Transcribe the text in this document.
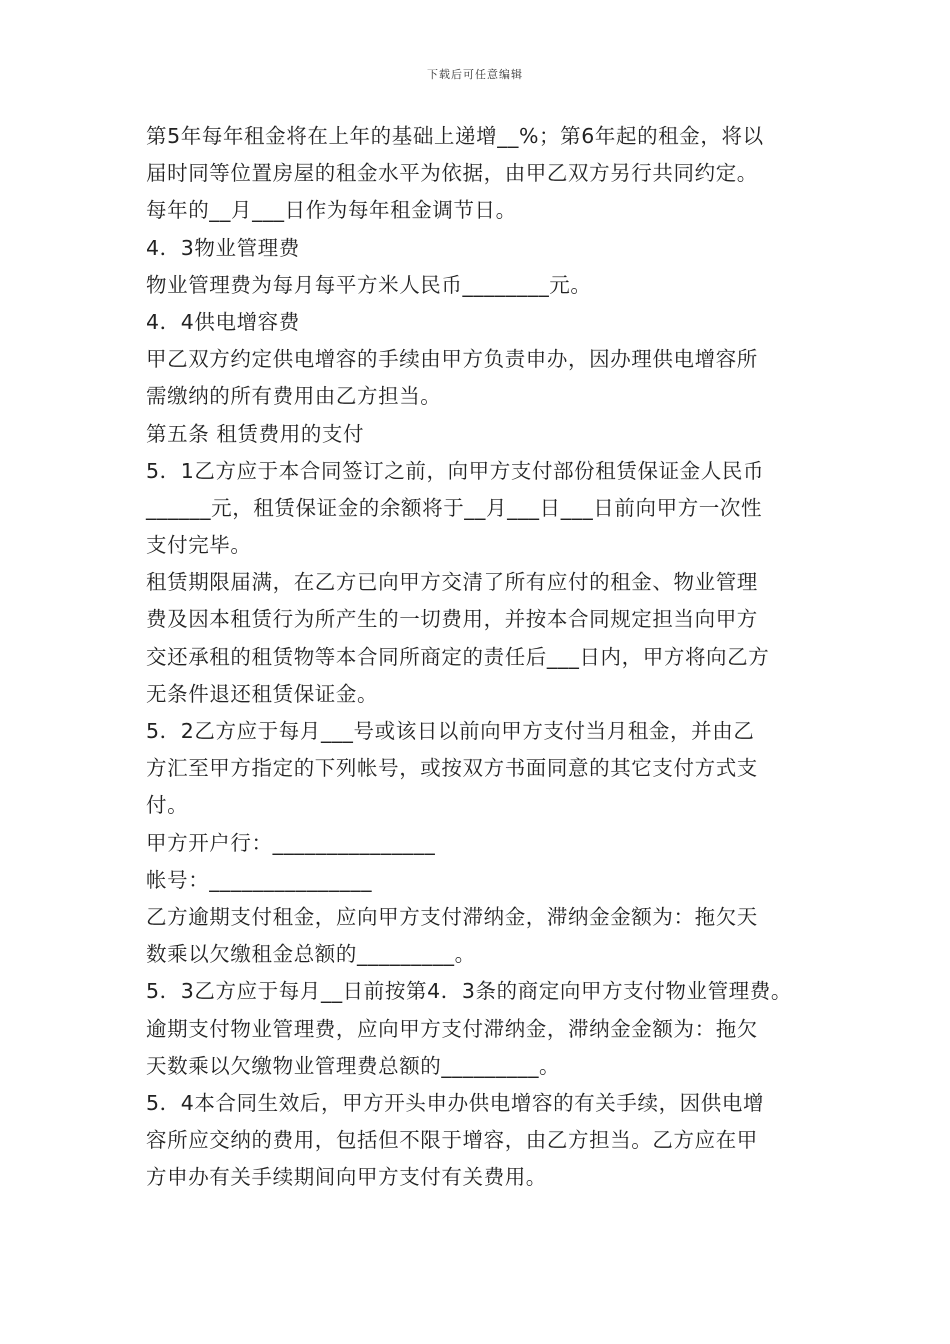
下载后可任意编辑
第5年每年租金将在上年的基础上递增__%；第6年起的租金，将以
届时同等位置房屋的租金水平为依据，由甲乙双方另行共同约定。
每年的__月___日作为每年租金调节日。
4．3物业管理费
物业管理费为每月每平方米人民币________元。
4．4供电增容费
甲乙双方约定供电增容的手续由甲方负责申办，因办理供电增容所
需缴纳的所有费用由乙方担当。
第五条 租赁费用的支付
5．1乙方应于本合同签订之前，向甲方支付部份租赁保证金人民币
______元，租赁保证金的余额将于__月___日___日前向甲方一次性
支付完毕。
租赁期限届满，在乙方已向甲方交清了所有应付的租金、物业管理
费及因本租赁行为所产生的一切费用，并按本合同规定担当向甲方
交还承租的租赁物等本合同所商定的责任后___日内，甲方将向乙方
无条件退还租赁保证金。
5．2乙方应于每月___号或该日以前向甲方支付当月租金，并由乙
方汇至甲方指定的下列帐号，或按双方书面同意的其它支付方式支
付。
甲方开户行：_______________
帐号：_______________
乙方逾期支付租金，应向甲方支付滞纳金，滞纳金金额为：拖欠天
数乘以欠缴租金总额的_________。
5．3乙方应于每月__日前按第4．3条的商定向甲方支付物业管理费。
逾期支付物业管理费，应向甲方支付滞纳金，滞纳金金额为：拖欠
天数乘以欠缴物业管理费总额的_________。
5．4本合同生效后，甲方开头申办供电增容的有关手续，因供电增
容所应交纳的费用，包括但不限于增容，由乙方担当。乙方应在甲
方申办有关手续期间向甲方支付有关费用。
